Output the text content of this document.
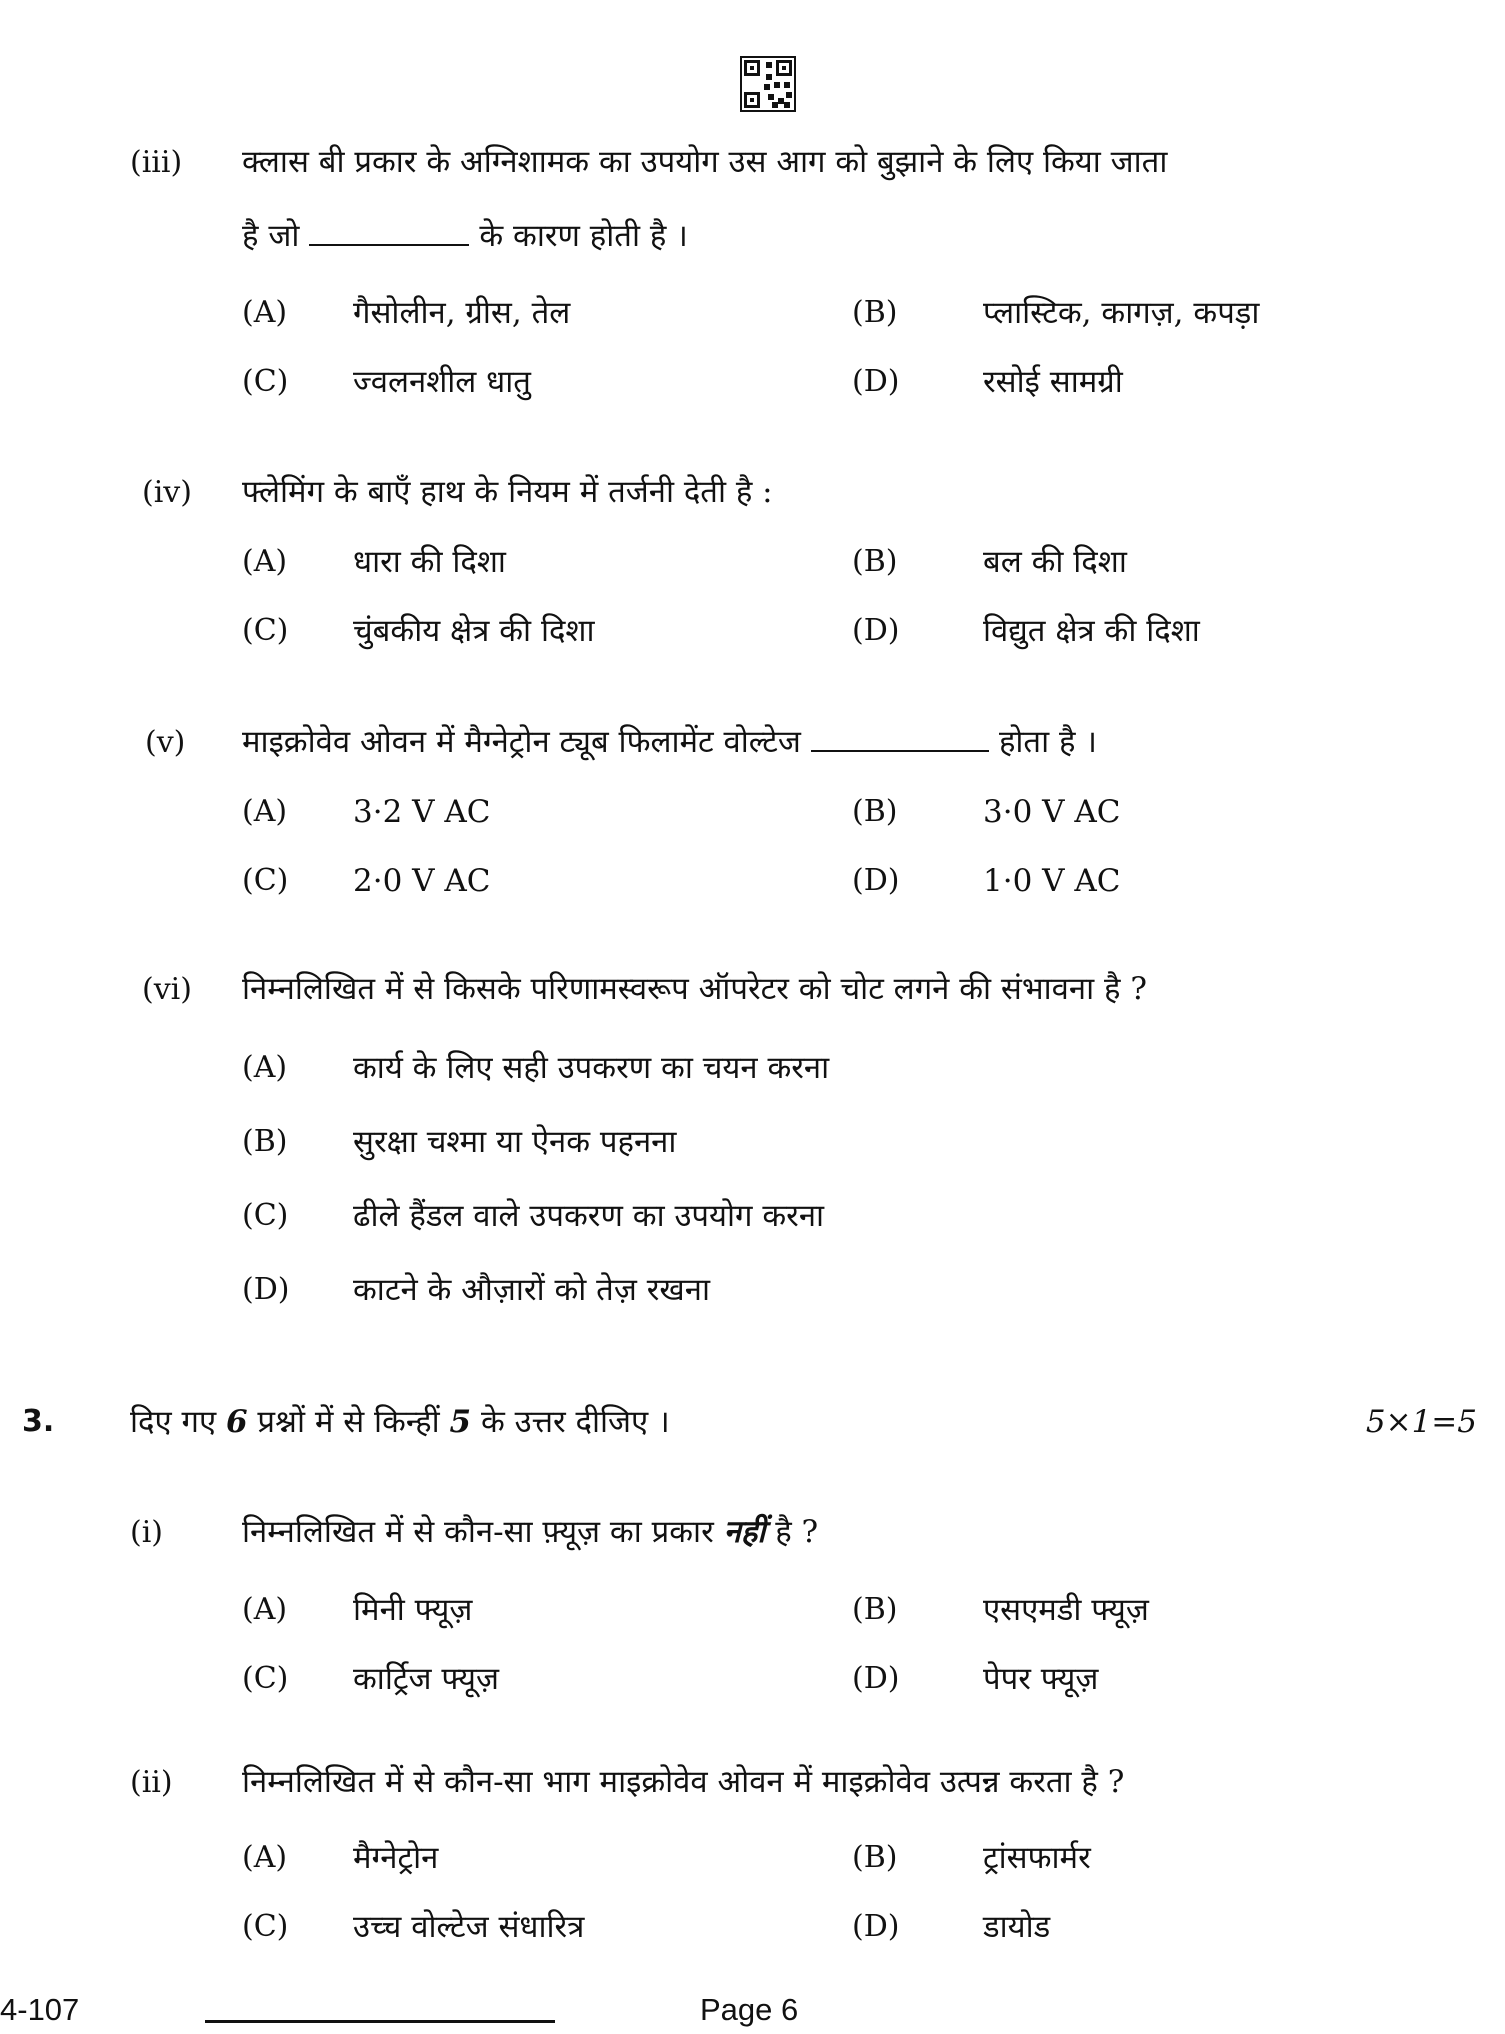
(iii) क्लास बी प्रकार के अग्निशामक का उपयोग उस आग को बुझाने के लिए किया जाता
है जो	के कारण होती है ।
(A) गैसोलीन, ग्रीस, तेल	(B)	प्लास्टिक, कागज़, कपड़ा
(C) ज्वलनशील धातु	(D)	रसोई सामग्री
(iv) फ्लेमिंग के बाएँ हाथ के नियम में तर्जनी देती है :
(A) धारा की दिशा	(B)	बल की दिशा
(C) चुंबकीय क्षेत्र की दिशा	(D)	विद्युत क्षेत्र की दिशा
(v) माइक्रोवेव ओवन में मैग्नेट्रोन ट्यूब फिलामेंट वोल्टेज	होता है ।
(A) 3·2 V AC	(B)	3·0 V AC
(C) 2·0 V AC	(D)	1·0 V AC
(vi) निम्नलिखित में से किसके परिणामस्वरूप ऑपरेटर को चोट लगने की संभावना है ?
(A) कार्य के लिए सही उपकरण का चयन करना
(B) सुरक्षा चश्मा या ऐनक पहनना
(C) ढीले हैंडल वाले उपकरण का उपयोग करना
(D) काटने के औज़ारों को तेज़ रखना
3. दिए गए 6 प्रश्नों में से किन्हीं 5 के उत्तर दीजिए ।	5×1=5
(i)	निम्नलिखित में से कौन-सा फ़्यूज़ का प्रकार नहीं है ?
(A) मिनी फ्यूज़	(B)	एसएमडी फ्यूज़
(C) कार्ट्रिज फ्यूज़	(D)	पेपर फ्यूज़
(ii) निम्नलिखित में से कौन-सा भाग माइक्रोवेव ओवन में माइक्रोवेव उत्पन्न करता है ?
(A) मैग्नेट्रोन	(B)	ट्रांसफार्मर
(C) उच्च वोल्टेज संधारित्र	(D)	डायोड
4-107	Page 6
